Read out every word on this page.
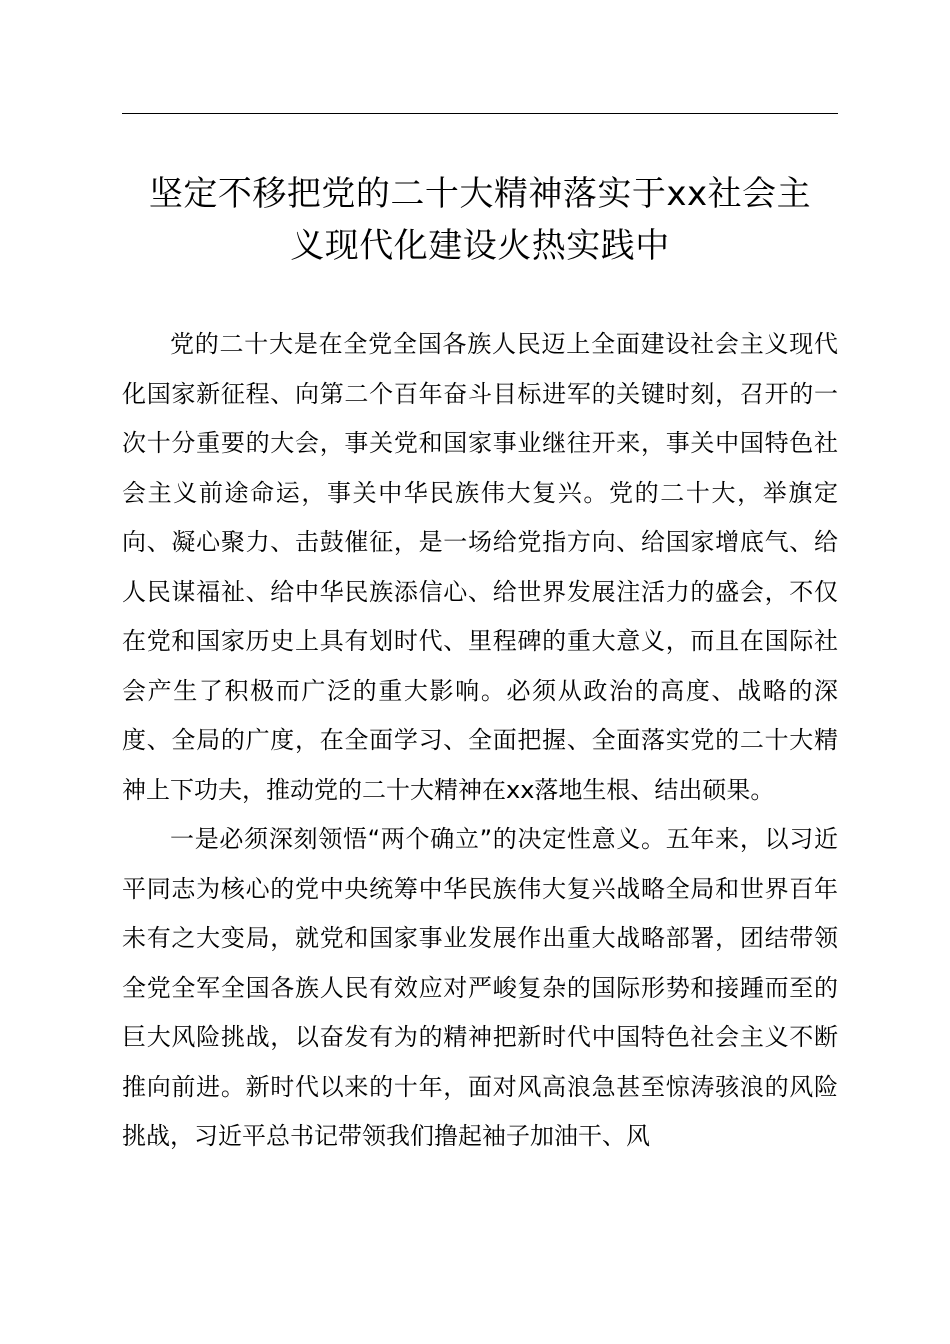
坚定不移把党的二十大精神落实于xx社会主
义现代化建设火热实践中

党的二十大是在全党全国各族人民迈上全面建设社会主义现代化国家新征程、向第二个百年奋斗目标进军的关键时刻，召开的一次十分重要的大会，事关党和国家事业继往开来，事关中国特色社会主义前途命运，事关中华民族伟大复兴。党的二十大，举旗定向、凝心聚力、击鼓催征，是一场给党指方向、给国家增底气、给人民谋福祉、给中华民族添信心、给世界发展注活力的盛会，不仅在党和国家历史上具有划时代、里程碑的重大意义，而且在国际社会产生了积极而广泛的重大影响。必须从政治的高度、战略的深度、全局的广度，在全面学习、全面把握、全面落实党的二十大精神上下功夫，推动党的二十大精神在xx落地生根、结出硕果。

一是必须深刻领悟“两个确立”的决定性意义。五年来，以习近平同志为核心的党中央统筹中华民族伟大复兴战略全局和世界百年未有之大变局，就党和国家事业发展作出重大战略部署，团结带领全党全军全国各族人民有效应对严峻复杂的国际形势和接踵而至的巨大风险挑战，以奋发有为的精神把新时代中国特色社会主义不断推向前进。新时代以来的十年，面对风高浪急甚至惊涛骇浪的风险挑战，习近平总书记带领我们撸起袖子加油干、风
